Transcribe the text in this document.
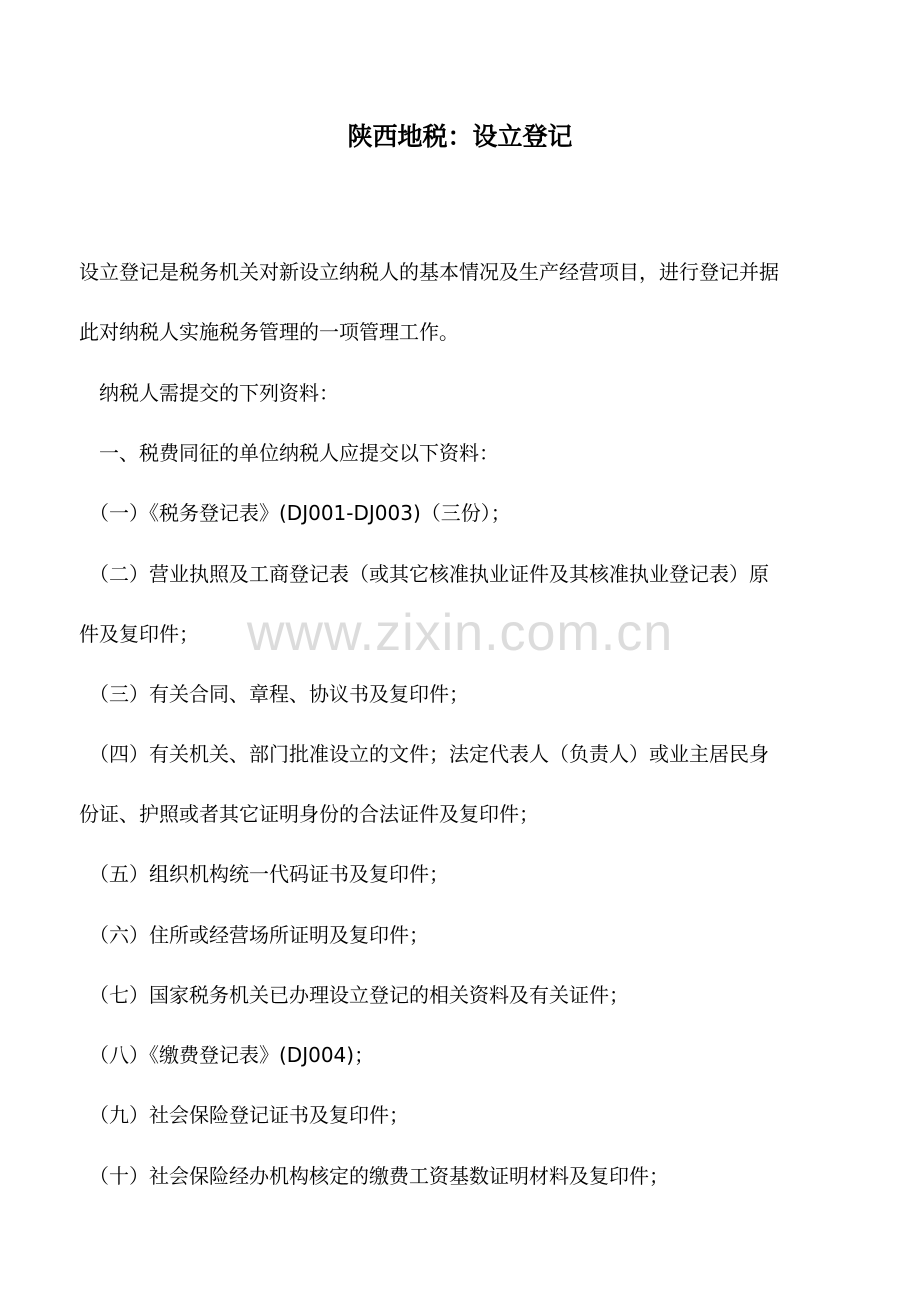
陕西地税：设立登记

设立登记是税务机关对新设立纳税人的基本情况及生产经营项目，进行登记并据

此对纳税人实施税务管理的一项管理工作。

　纳税人需提交的下列资料：

　一、税费同征的单位纳税人应提交以下资料：

　（一）《税务登记表》(DJ001-DJ003)（三份）；

　（二）营业执照及工商登记表（或其它核准执业证件及其核准执业登记表）原

件及复印件；

　（三）有关合同、章程、协议书及复印件；

　（四）有关机关、部门批准设立的文件；法定代表人（负责人）或业主居民身

份证、护照或者其它证明身份的合法证件及复印件；

　（五）组织机构统一代码证书及复印件；

　（六）住所或经营场所证明及复印件；

　（七）国家税务机关已办理设立登记的相关资料及有关证件；

　（八）《缴费登记表》(DJ004)；

　（九）社会保险登记证书及复印件；

　（十）社会保险经办机构核定的缴费工资基数证明材料及复印件；

www.zixin.com.cn
